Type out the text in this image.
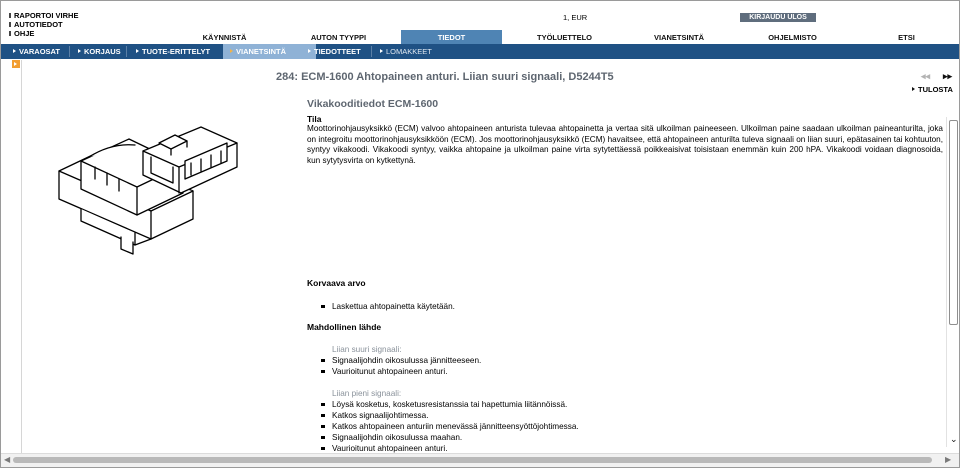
RAPORTOI VIRHE
AUTOTIEDOT
OHJE
1, EUR	KIRJAUDU ULOS
KÄYNNISTÄ	AUTON TYYPPI	TIEDOT	TYÖLUETTELO	VIANETSINTÄ	OHJELMISTO	ETSI
VARAOSAT	KORJAUS	TUOTE-ERITTELYT	VIANETSINTÄ	TIEDOTTEET	LOMAKKEET
284: ECM-1600 Ahtopaineen anturi. Liian suuri signaali, D5244T5	◂◂ ▸▸
TULOSTA
Vikakooditiedot ECM-1600
Tila

Moottorinohjausyksikkö (ECM) valvoo ahtopaineen anturista tulevaa ahtopainetta ja vertaa sitä ulkoilman paineeseen. Ulkoilman paine saadaan ulkoilman paineanturilta, joka on integroitu moottorinohjausyksikköön (ECM). Jos moottorinohjausyksikkö (ECM) havaitsee, että ahtopaineen anturilta tuleva signaali on liian suuri, epätasainen tai kohtuuton, syntyy vikakoodi. Vikakoodi syntyy, vaikka ahtopaine ja ulkoilman paine virta sytytettäessä poikkeaisivat toisistaan enemmän kuin 200 hPA. Vikakoodi voidaan diagnosoida, kun sytytysvirta on kytkettynä.

Korvaava arvo
Laskettua ahtopainetta käytetään.
Mahdollinen lähde
Liian suuri signaali:
Signaalijohdin oikosulussa jännitteeseen.
Vaurioitunut ahtopaineen anturi.
Liian pieni signaali:
Löysä kosketus, kosketusresistanssia tai hapettumia liitännöissä.
Katkos signaalijohtimessa.
Katkos ahtopaineen anturiin menevässä jännitteensyöttöjohtimessa.
Signaalijohdin oikosulussa maahan.
Vaurioitunut ahtopaineen anturi.
⌄
◀	▶
